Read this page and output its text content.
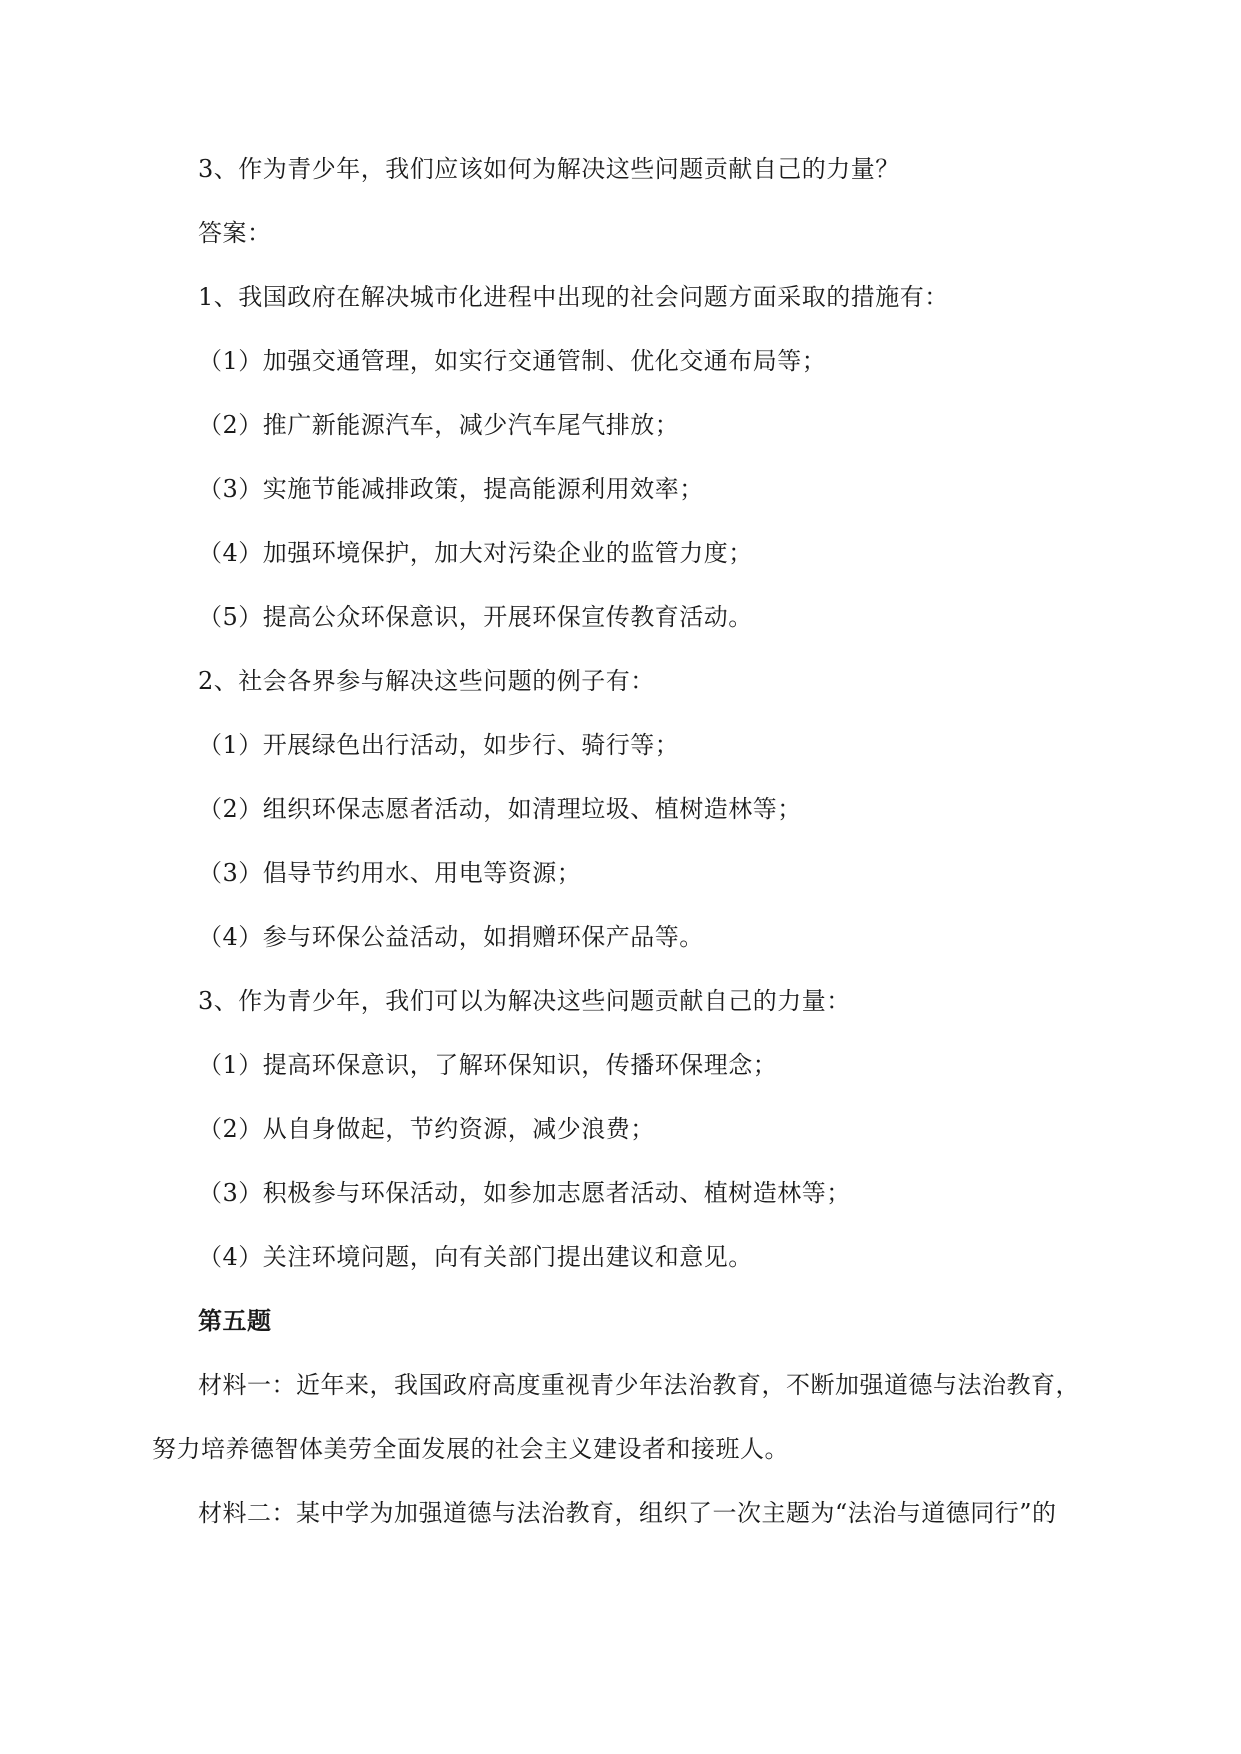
3、作为青少年，我们应该如何为解决这些问题贡献自己的力量？
答案：
1、我国政府在解决城市化进程中出现的社会问题方面采取的措施有：
（1）加强交通管理，如实行交通管制、优化交通布局等；
（2）推广新能源汽车，减少汽车尾气排放；
（3）实施节能减排政策，提高能源利用效率；
（4）加强环境保护，加大对污染企业的监管力度；
（5）提高公众环保意识，开展环保宣传教育活动。
2、社会各界参与解决这些问题的例子有：
（1）开展绿色出行活动，如步行、骑行等；
（2）组织环保志愿者活动，如清理垃圾、植树造林等；
（3）倡导节约用水、用电等资源；
（4）参与环保公益活动，如捐赠环保产品等。
3、作为青少年，我们可以为解决这些问题贡献自己的力量：
（1）提高环保意识，了解环保知识，传播环保理念；
（2）从自身做起，节约资源，减少浪费；
（3）积极参与环保活动，如参加志愿者活动、植树造林等；
（4）关注环境问题，向有关部门提出建议和意见。
第五题
材料一：近年来，我国政府高度重视青少年法治教育，不断加强道德与法治教育，
努力培养德智体美劳全面发展的社会主义建设者和接班人。
材料二：某中学为加强道德与法治教育，组织了一次主题为“法治与道德同行”的
